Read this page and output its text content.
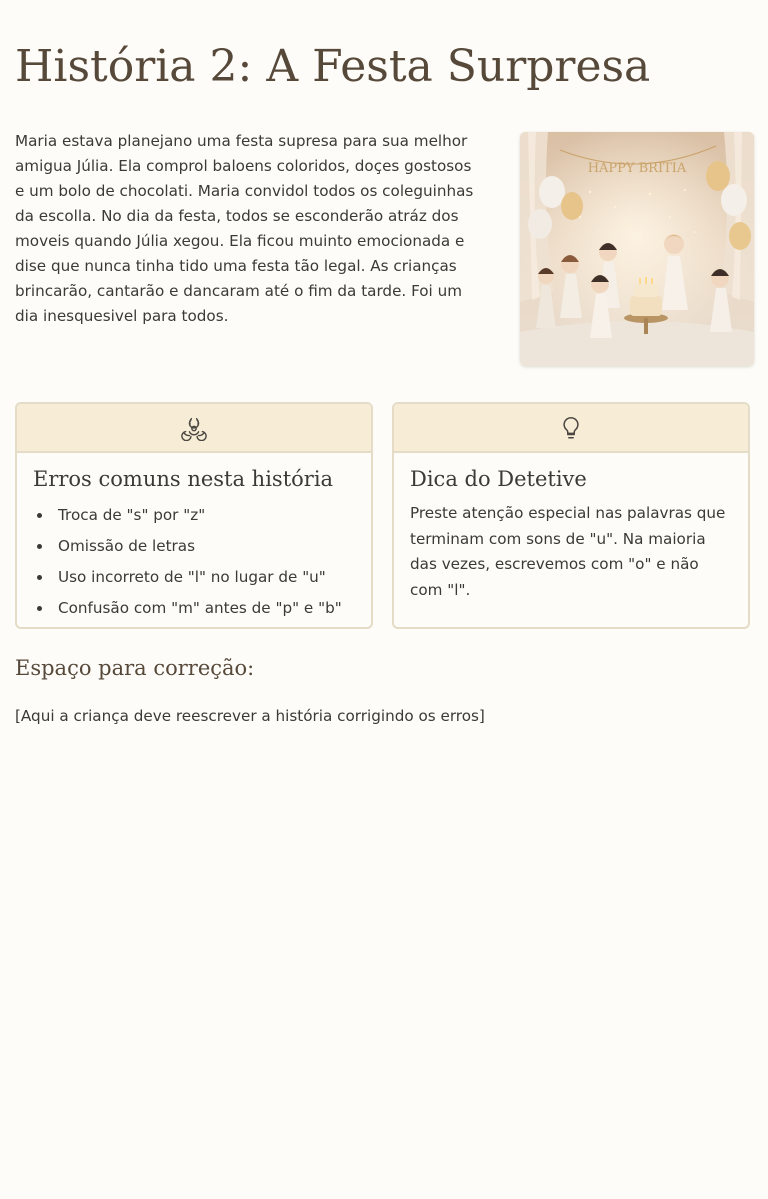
História 2: A Festa Surpresa

Maria estava planejano uma festa supresa para sua melhor amigua Júlia. Ela comprol baloens coloridos, doçes gostosos e um bolo de chocolati. Maria convidol todos os coleguinhas da escolla. No dia da festa, todos se esconderão atráz dos moveis quando Júlia xegou. Ela ficou muinto emocionada e dise que nunca tinha tido uma festa tão legal. As crianças brincarão, cantarão e dancaram até o fim da tarde. Foi um dia inesquesivel para todos.

HAPPY BRITIA
Erros comuns nesta história
Troca de "s" por "z"
Omissão de letras
Uso incorreto de "l" no lugar de "u"
Confusão com "m" antes de "p" e "b"
Dica do Detetive

Preste atenção especial nas palavras que terminam com sons de "u". Na maioria das vezes, escrevemos com "o" e não com "l".

Espaço para correção:

[Aqui a criança deve reescrever a história corrigindo os erros]
